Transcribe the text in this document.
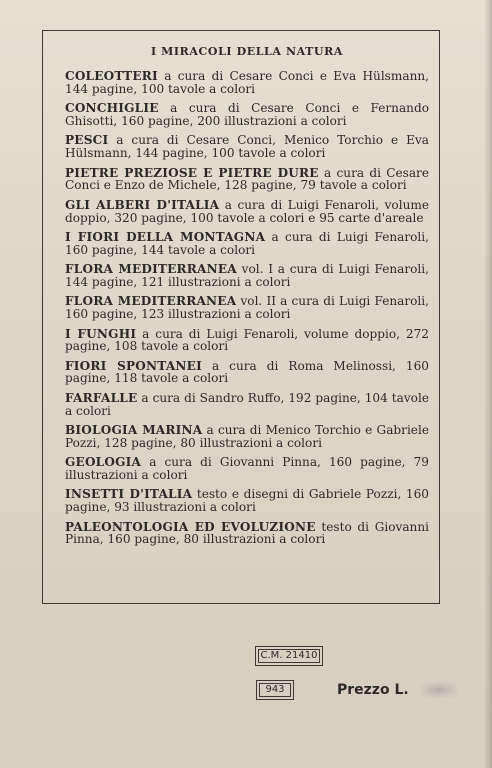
I MIRACOLI DELLA NATURA
COLEOTTERI a cura di Cesare Conci e Eva Hülsmann, 144 pagine, 100 tavole a colori
CONCHIGLIE a cura di Cesare Conci e Fernando Ghisotti, 160 pagine, 200 illustrazioni a colori
PESCI a cura di Cesare Conci, Menico Torchio e Eva Hülsmann, 144 pagine, 100 tavole a colori
PIETRE PREZIOSE E PIETRE DURE a cura di Cesare Conci e Enzo de Michele, 128 pagine, 79 tavole a colori
GLI ALBERI D'ITALIA a cura di Luigi Fenaroli, volume doppio, 320 pagine, 100 tavole a colori e 95 carte d'areale
I FIORI DELLA MONTAGNA a cura di Luigi Fenaroli, 160 pagine, 144 tavole a colori
FLORA MEDITERRANEA vol. I a cura di Luigi Fenaroli, 144 pagine, 121 illustrazioni a colori
FLORA MEDITERRANEA vol. II a cura di Luigi Fenaroli, 160 pagine, 123 illustrazioni a colori
I FUNGHI a cura di Luigi Fenaroli, volume doppio, 272 pagine, 108 tavole a colori
FIORI SPONTANEI a cura di Roma Melinossi, 160 pagine, 118 tavole a colori
FARFALLE a cura di Sandro Ruffo, 192 pagine, 104 tavole a colori
BIOLOGIA MARINA a cura di Menico Torchio e Gabriele Pozzi, 128 pagine, 80 illustrazioni a colori
GEOLOGIA a cura di Giovanni Pinna, 160 pagine, 79 illustrazioni a colori
INSETTI D'ITALIA testo e disegni di Gabriele Pozzi, 160 pagine, 93 illustrazioni a colori
PALEONTOLOGIA ED EVOLUZIONE testo di Giovanni Pinna, 160 pagine, 80 illustrazioni a colori
C.M. 21410
943	Prezzo L.
